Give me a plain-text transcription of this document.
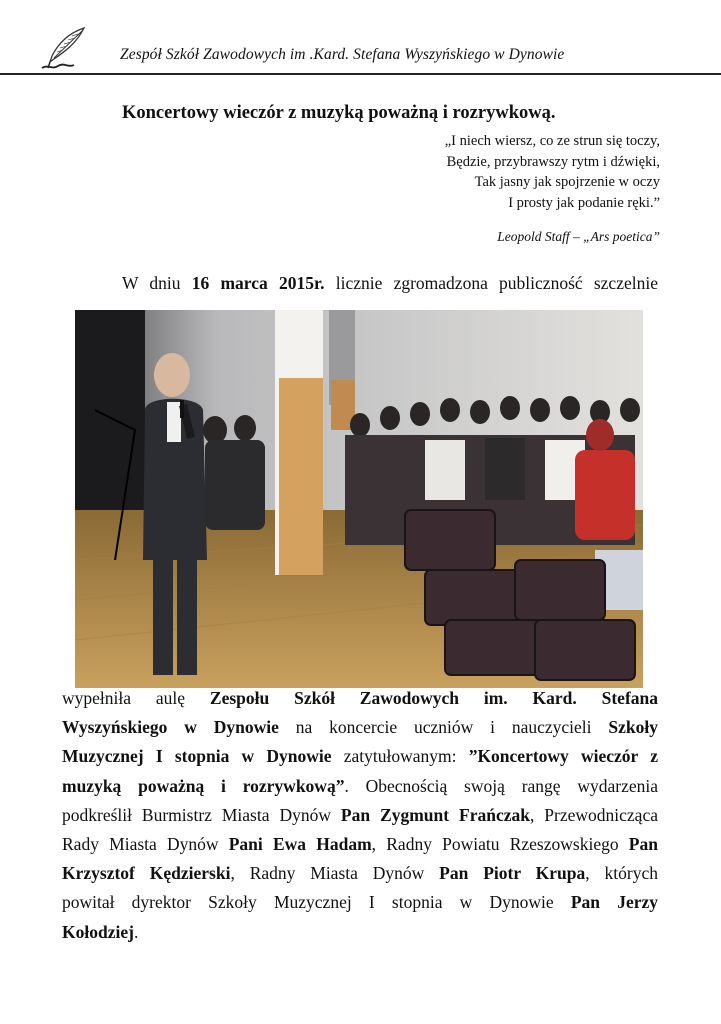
Zespół Szkół Zawodowych im .Kard. Stefana Wyszyńskiego w Dynowie
Koncertowy wieczór z muzyką poważną i rozrywkową.
„I niech wiersz, co ze strun się toczy,
Będzie, przybrawszy rytm i dźwięki,
Tak jasny jak spojrzenie w oczy
I prosty jak podanie ręki.”
Leopold Staff – „Ars poetica”
W dniu 16 marca 2015r. licznie zgromadzona publiczność szczelnie
wypełniła aulę Zespołu Szkół Zawodowych im. Kard. Stefana
Wyszyńskiego w Dynowie na koncercie uczniów i nauczycieli Szkoły
Muzycznej I stopnia w Dynowie zatytułowanym: ”Koncertowy wieczór z
muzyką poważną i rozrywkową”. Obecnością swoją rangę wydarzenia
podkreślił Burmistrz Miasta Dynów Pan Zygmunt Frańczak, Przewodnicząca
Rady Miasta Dynów Pani Ewa Hadam, Radny Powiatu Rzeszowskiego Pan
Krzysztof Kędzierski, Radny Miasta Dynów Pan Piotr Krupa, których
powitał dyrektor Szkoły Muzycznej I stopnia w Dynowie Pan Jerzy
Kołodziej.
